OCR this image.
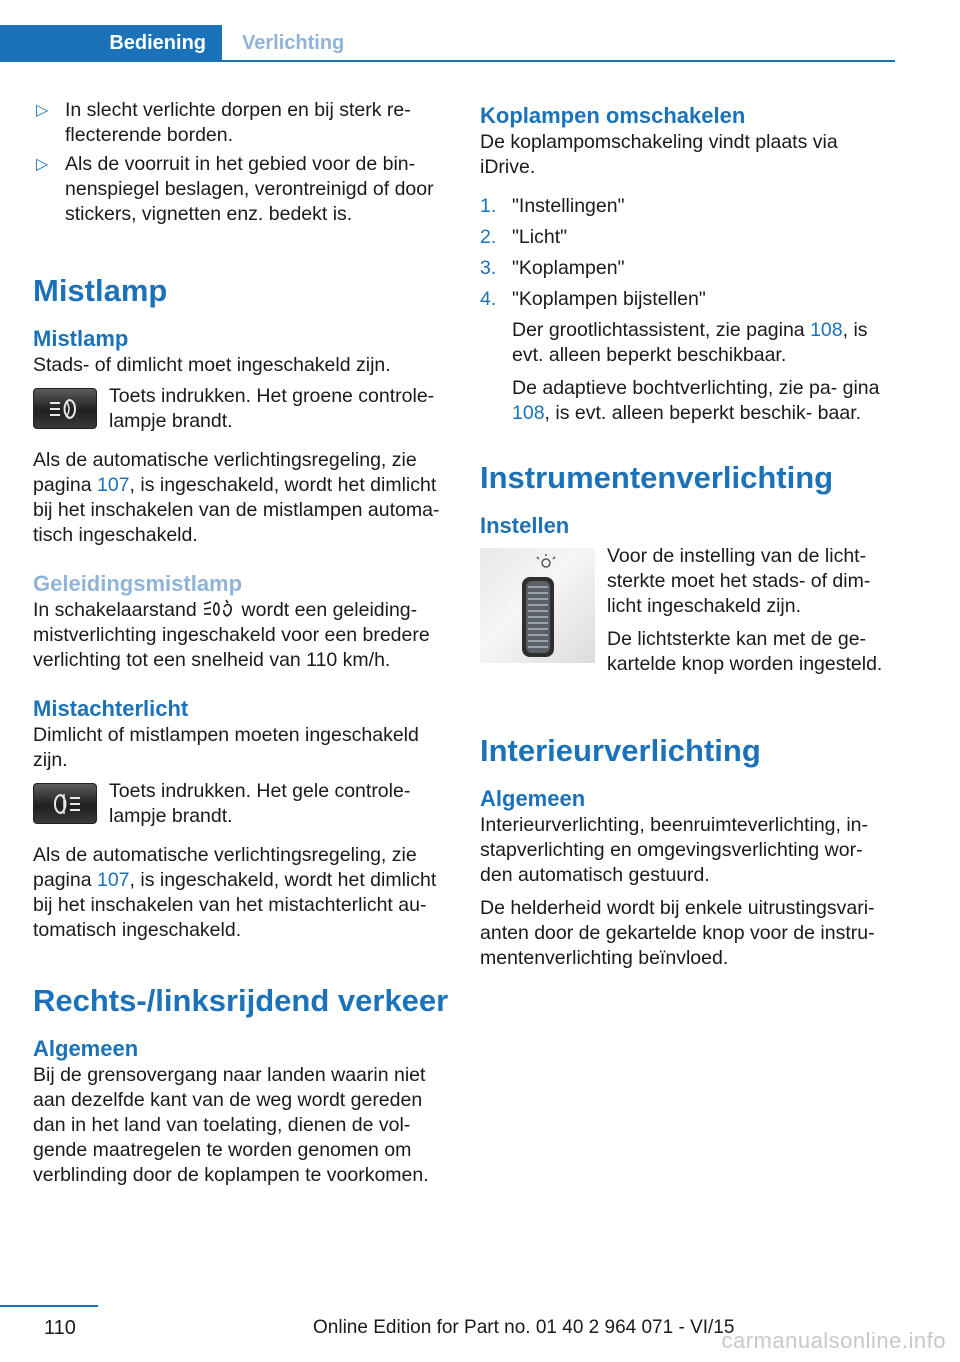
Bediening Verlichting
▷ In slecht verlichte dorpen en bij sterk re‐ flecterende borden.
▷ Als de voorruit in het gebied voor de bin‐ nenspiegel beslagen, verontreinigd of door stickers, vignetten enz. bedekt is.
Mistlamp
Mistlamp

Stads- of dimlicht moet ingeschakeld zijn.

Toets indrukken. Het groene controle‐ lampje brandt.

Als de automatische verlichtingsregeling, zie pagina 107, is ingeschakeld, wordt het dimlicht bij het inschakelen van de mistlampen automa‐ tisch ingeschakeld.

Geleidingsmistlamp

In schakelaarstand  wordt een geleiding‐ mistverlichting ingeschakeld voor een bredere verlichting tot een snelheid van 110 km/h.

Mistachterlicht

Dimlicht of mistlampen moeten ingeschakeld zijn.

Toets indrukken. Het gele controle‐ lampje brandt.

Als de automatische verlichtingsregeling, zie pagina 107, is ingeschakeld, wordt het dimlicht bij het inschakelen van het mistachterlicht au‐ tomatisch ingeschakeld.

Rechts-/linksrijdend verkeer
Algemeen

Bij de grensovergang naar landen waarin niet aan dezelfde kant van de weg wordt gereden dan in het land van toelating, dienen de vol‐ gende maatregelen te worden genomen om verblinding door de koplampen te voorkomen.

Koplampen omschakelen

De koplampomschakeling vindt plaats via iDrive.

1. "Instellingen"
2. "Licht"
3. "Koplampen"
4. "Koplampen bijstellen"

Der grootlichtassistent, zie pagina 108, is evt. alleen beperkt beschikbaar.

De adaptieve bochtverlichting, zie pa‐ gina 108, is evt. alleen beperkt beschik‐ baar.

Instrumentenverlichting
Instellen

Voor de instelling van de licht‐ sterkte moet het stads- of dim‐ licht ingeschakeld zijn.

De lichtsterkte kan met de ge‐ kartelde knop worden ingesteld.

Interieurverlichting
Algemeen

Interieurverlichting, beenruimteverlichting, in‐ stapverlichting en omgevingsverlichting wor‐ den automatisch gestuurd.

De helderheid wordt bij enkele uitrustingsvari‐ anten door de gekartelde knop voor de instru‐ mentenverlichting beïnvloed.

110	Online Edition for Part no. 01 40 2 964 071 - VI/15
carmanualsonline.info
